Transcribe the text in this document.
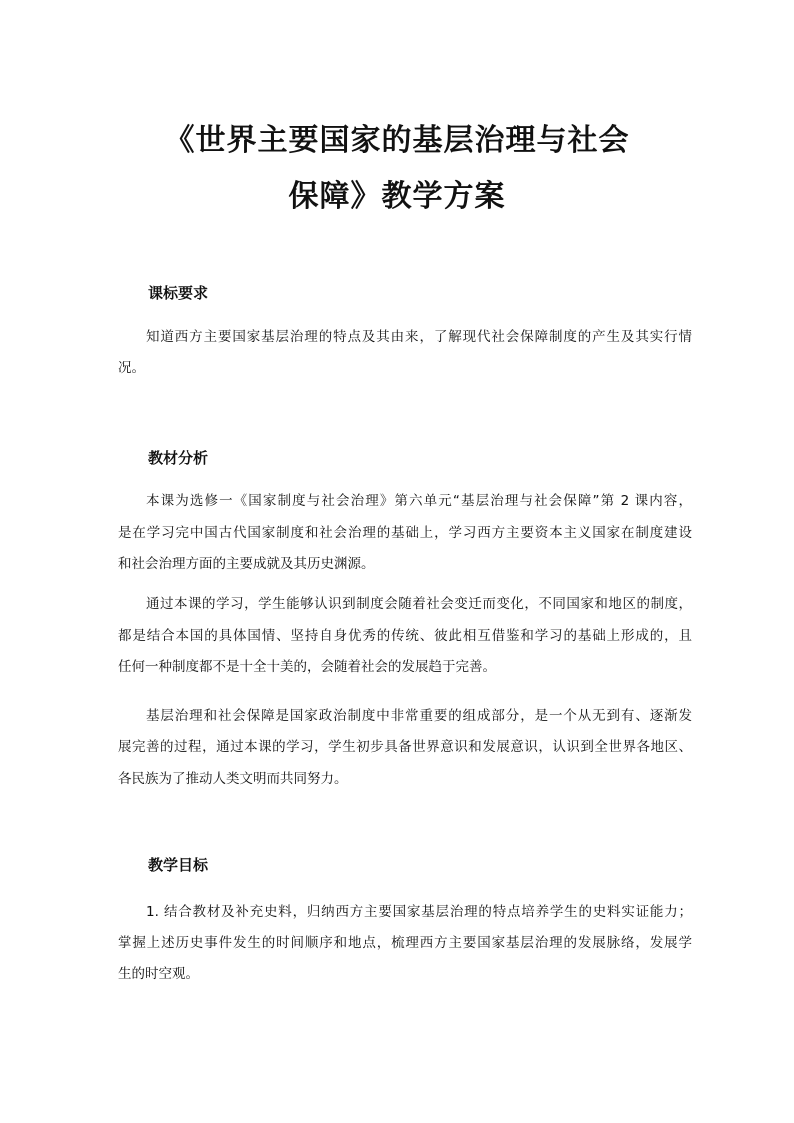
《世界主要国家的基层治理与社会
保障》教学方案
课标要求
知道西方主要国家基层治理的特点及其由来，了解现代社会保障制度的产生及其实行情
况。
教材分析
本课为选修一《国家制度与社会治理》第六单元“基层治理与社会保障”第 2 课内容，
是在学习完中国古代国家制度和社会治理的基础上，学习西方主要资本主义国家在制度建设
和社会治理方面的主要成就及其历史渊源。
通过本课的学习，学生能够认识到制度会随着社会变迁而变化，不同国家和地区的制度，
都是结合本国的具体国情、坚持自身优秀的传统、彼此相互借鉴和学习的基础上形成的，且
任何一种制度都不是十全十美的，会随着社会的发展趋于完善。
基层治理和社会保障是国家政治制度中非常重要的组成部分，是一个从无到有、逐渐发
展完善的过程，通过本课的学习，学生初步具备世界意识和发展意识，认识到全世界各地区、
各民族为了推动人类文明而共同努力。
教学目标
1. 结合教材及补充史料，归纳西方主要国家基层治理的特点培养学生的史料实证能力；
掌握上述历史事件发生的时间顺序和地点，梳理西方主要国家基层治理的发展脉络，发展学
生的时空观。
